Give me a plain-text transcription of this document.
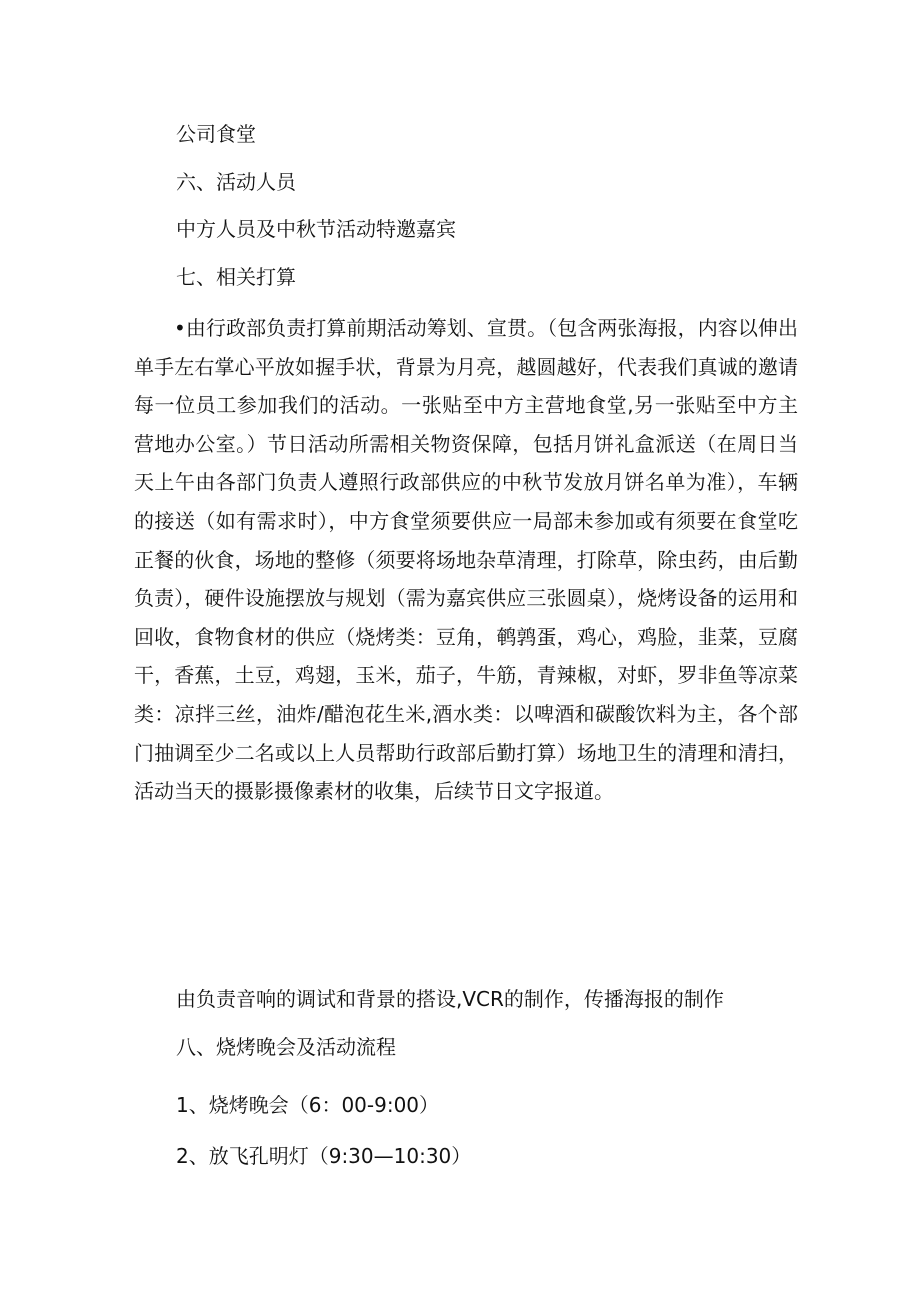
公司食堂
六、活动人员
中方人员及中秋节活动特邀嘉宾
七、相关打算
•由行政部负责打算前期活动筹划、宣贯。（包含两张海报，内容以伸出单手左右掌心平放如握手状，背景为月亮，越圆越好，代表我们真诚的邀请每一位员工参加我们的活动。一张贴至中方主营地食堂,另一张贴至中方主营地办公室。）节日活动所需相关物资保障，包括月饼礼盒派送（在周日当天上午由各部门负责人遵照行政部供应的中秋节发放月饼名单为准），车辆的接送（如有需求时），中方食堂须要供应一局部未参加或有须要在食堂吃正餐的伙食，场地的整修（须要将场地杂草清理，打除草，除虫药，由后勤负责），硬件设施摆放与规划（需为嘉宾供应三张圆桌），烧烤设备的运用和回收，食物食材的供应（烧烤类：豆角，鹌鹑蛋，鸡心，鸡脸，韭菜，豆腐干，香蕉，土豆，鸡翅，玉米，茄子，牛筋，青辣椒，对虾，罗非鱼等凉菜类：凉拌三丝，油炸/醋泡花生米,酒水类：以啤酒和碳酸饮料为主，各个部门抽调至少二名或以上人员帮助行政部后勤打算）场地卫生的清理和清扫，活动当天的摄影摄像素材的收集，后续节日文字报道。
由负责音响的调试和背景的搭设,VCR的制作，传播海报的制作
八、烧烤晚会及活动流程
1、烧烤晚会（6：00-9:00）
2、放飞孔明灯（9:30—10:30）
